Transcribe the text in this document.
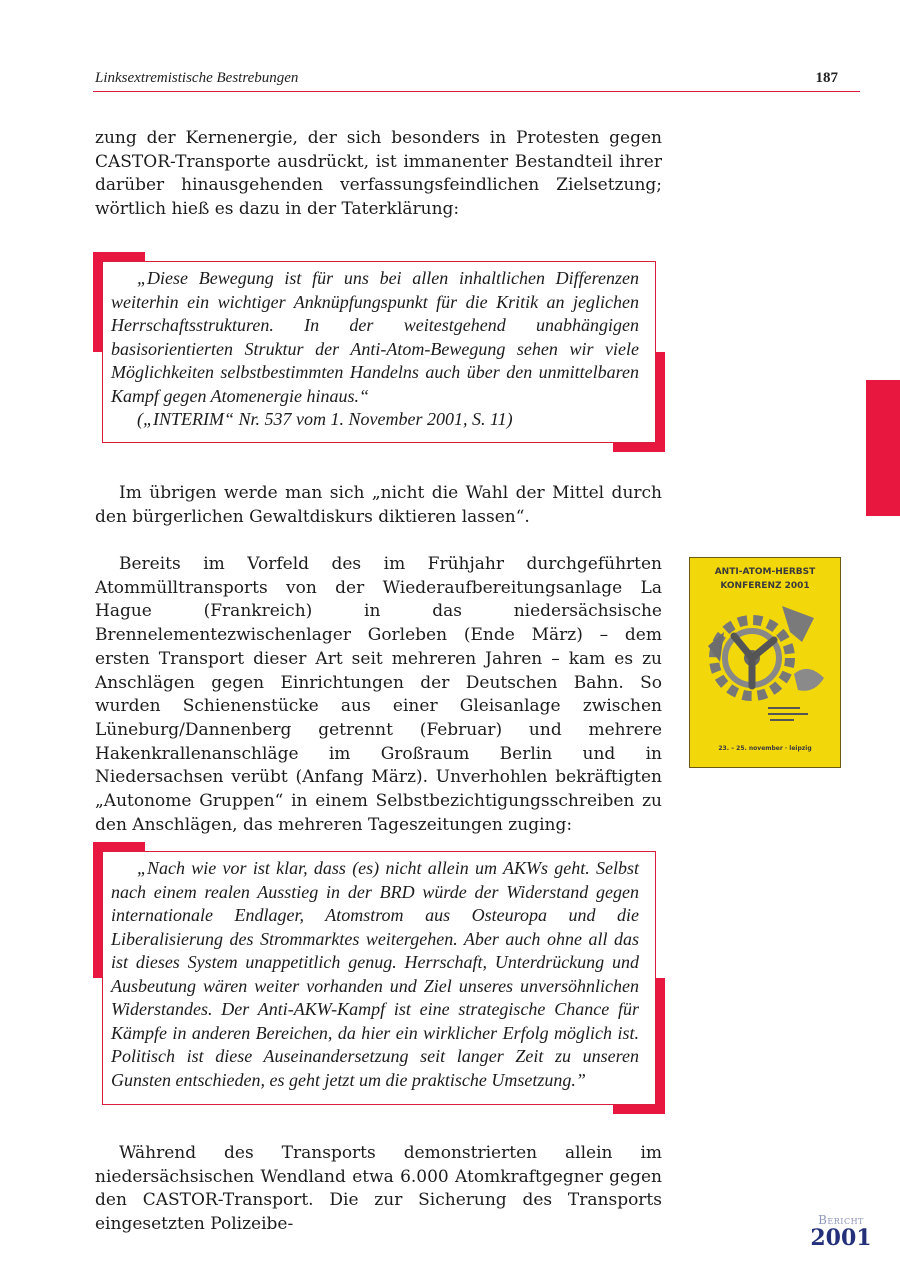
Linksextremistische Bestrebungen	187

zung der Kernenergie, der sich besonders in Protesten gegen CASTOR-Transporte ausdrückt, ist immanenter Bestandteil ihrer darüber hinausgehenden verfassungsfeindlichen Zielsetzung; wörtlich hieß es dazu in der Taterklärung:

„Diese Bewegung ist für uns bei allen inhaltlichen Differenzen weiterhin ein wichtiger Anknüpfungspunkt für die Kritik an jeglichen Herrschaftsstrukturen. In der weitestgehend unabhängigen basisorientierten Struktur der Anti-Atom-Bewegung sehen wir viele Möglichkeiten selbstbestimmten Handelns auch über den unmittelbaren Kampf gegen Atomenergie hinaus.“

(„INTERIM“ Nr. 537 vom 1. November 2001, S. 11)

Im übrigen werde man sich „nicht die Wahl der Mittel durch den bürgerlichen Gewaltdiskurs diktieren lassen“.

Bereits im Vorfeld des im Frühjahr durchgeführten Atommülltransports von der Wiederaufbereitungsanlage La Hague (Frankreich) in das niedersächsische Brennelementezwischenlager Gorleben (Ende März) – dem ersten Transport dieser Art seit mehreren Jahren – kam es zu Anschlägen gegen Einrichtungen der Deutschen Bahn. So wurden Schienenstücke aus einer Gleisanlage zwischen Lüneburg/Dannenberg getrennt (Februar) und mehrere Hakenkrallenanschläge im Großraum Berlin und in Niedersachsen verübt (Anfang März). Unverhohlen bekräftigten „Autonome Gruppen“ in einem Selbstbezichtigungsschreiben zu den Anschlägen, das mehreren Tageszeitungen zuging:

„Nach wie vor ist klar, dass (es) nicht allein um AKWs geht. Selbst nach einem realen Ausstieg in der BRD würde der Widerstand gegen internationale Endlager, Atomstrom aus Osteuropa und die Liberalisierung des Strommarktes weitergehen. Aber auch ohne all das ist dieses System unappetitlich genug. Herrschaft, Unterdrückung und Ausbeutung wären weiter vorhanden und Ziel unseres unversöhnlichen Widerstandes. Der Anti-AKW-Kampf ist eine strategische Chance für Kämpfe in anderen Bereichen, da hier ein wirklicher Erfolg möglich ist. Politisch ist diese Auseinandersetzung seit langer Zeit zu unseren Gunsten entschieden, es geht jetzt um die praktische Umsetzung.”

Während des Transports demonstrierten allein im niedersächsischen Wendland etwa 6.000 Atomkraftgegner gegen den CASTOR-Transport. Die zur Sicherung des Transports eingesetzten Polizeibe-

ANTI-ATOM-HERBST
KONFERENZ 2001
23. – 25. november · leipzig
Bericht
2001
